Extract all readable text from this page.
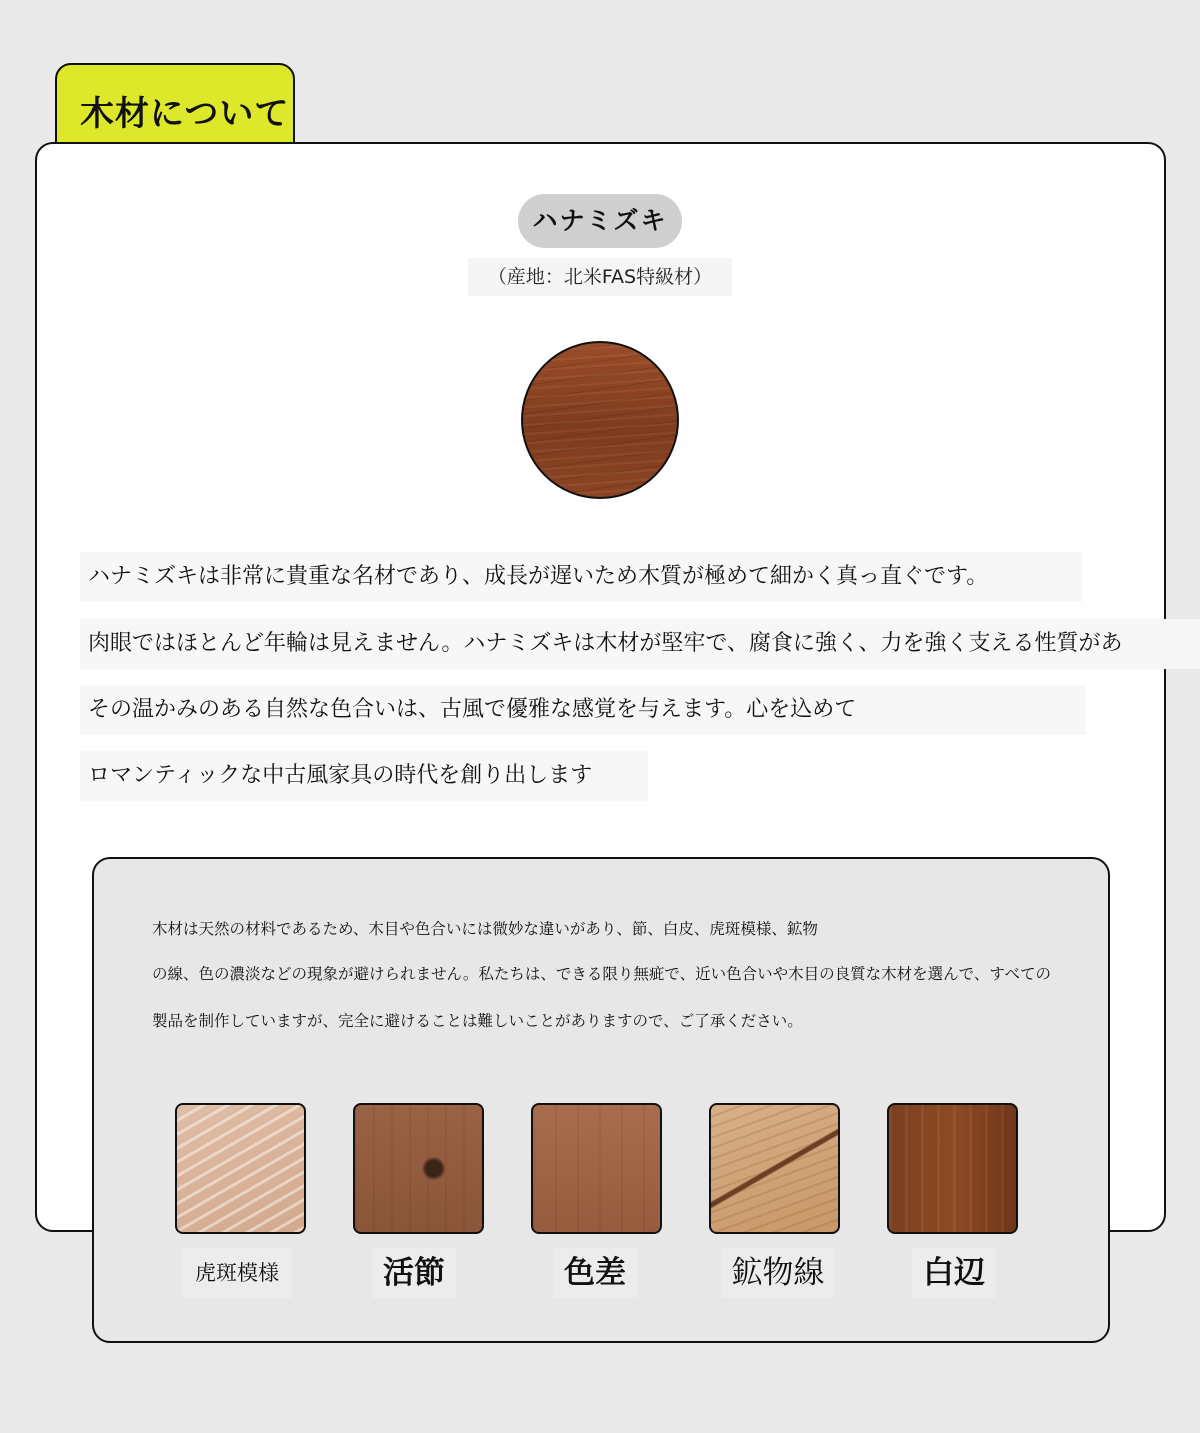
木材について
ハナミズキ
（産地：北米FAS特級材）
ハナミズキは非常に貴重な名材であり、成長が遅いため木質が極めて細かく真っ直ぐです。
肉眼ではほとんど年輪は見えません。ハナミズキは木材が堅牢で、腐食に強く、力を強く支える性質があ
その温かみのある自然な色合いは、古風で優雅な感覚を与えます。心を込めて
ロマンティックな中古風家具の時代を創り出します
木材は天然の材料であるため、木目や色合いには微妙な違いがあり、節、白皮、虎斑模様、鉱物
の線、色の濃淡などの現象が避けられません。私たちは、できる限り無疵で、近い色合いや木目の良質な木材を選んで、すべての
製品を制作していますが、完全に避けることは難しいことがありますので、ご了承ください。
虎斑模様	活節	色差	鉱物線	白辺
